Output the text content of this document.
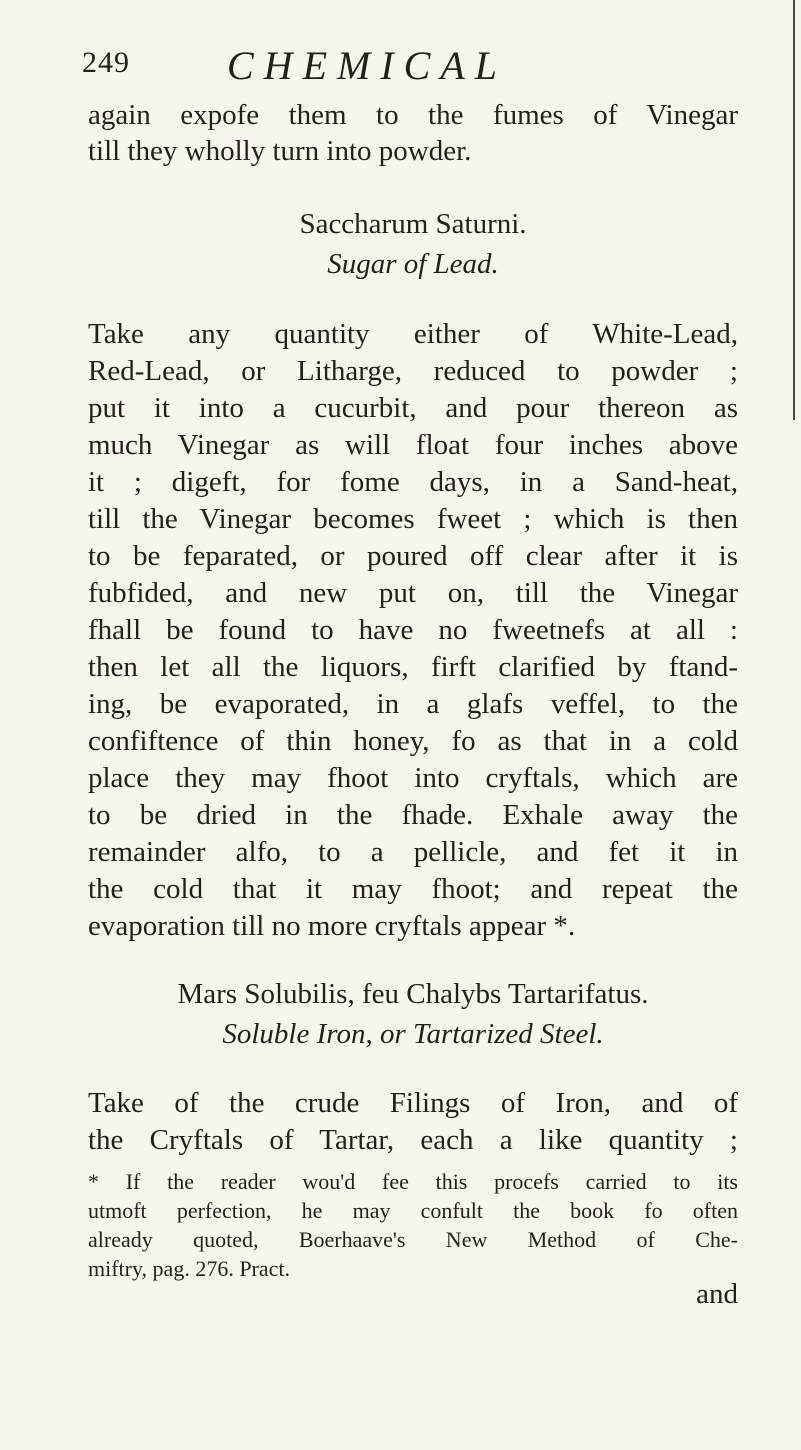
249 CHEMICAL
again expofe them to the fumes of Vinegar
till they wholly turn into powder.
Saccharum Saturni.
Sugar of Lead.
Take any quantity either of White-Lead,
Red-Lead, or Litharge, reduced to powder ;
put it into a cucurbit, and pour thereon as
much Vinegar as will float four inches above
it ; digeft, for fome days, in a Sand-heat,
till the Vinegar becomes fweet ; which is then
to be feparated, or poured off clear after it is
fubfided, and new put on, till the Vinegar
fhall be found to have no fweetnefs at all :
then let all the liquors, firft clarified by ftand-
ing, be evaporated, in a glafs veffel, to the
confiftence of thin honey, fo as that in a cold
place they may fhoot into cryftals, which are
to be dried in the fhade. Exhale away the
remainder alfo, to a pellicle, and fet it in
the cold that it may fhoot; and repeat the
evaporation till no more cryftals appear *.
Mars Solubilis, feu Chalybs Tartarifatus.
Soluble Iron, or Tartarized Steel.
Take of the crude Filings of Iron, and of
the Cryftals of Tartar, each a like quantity ;
* If the reader wou'd fee this procefs carried to its
utmoft perfection, he may confult the book fo often
already quoted, Boerhaave's New Method of Che-
miftry, pag. 276. Pract.
and
